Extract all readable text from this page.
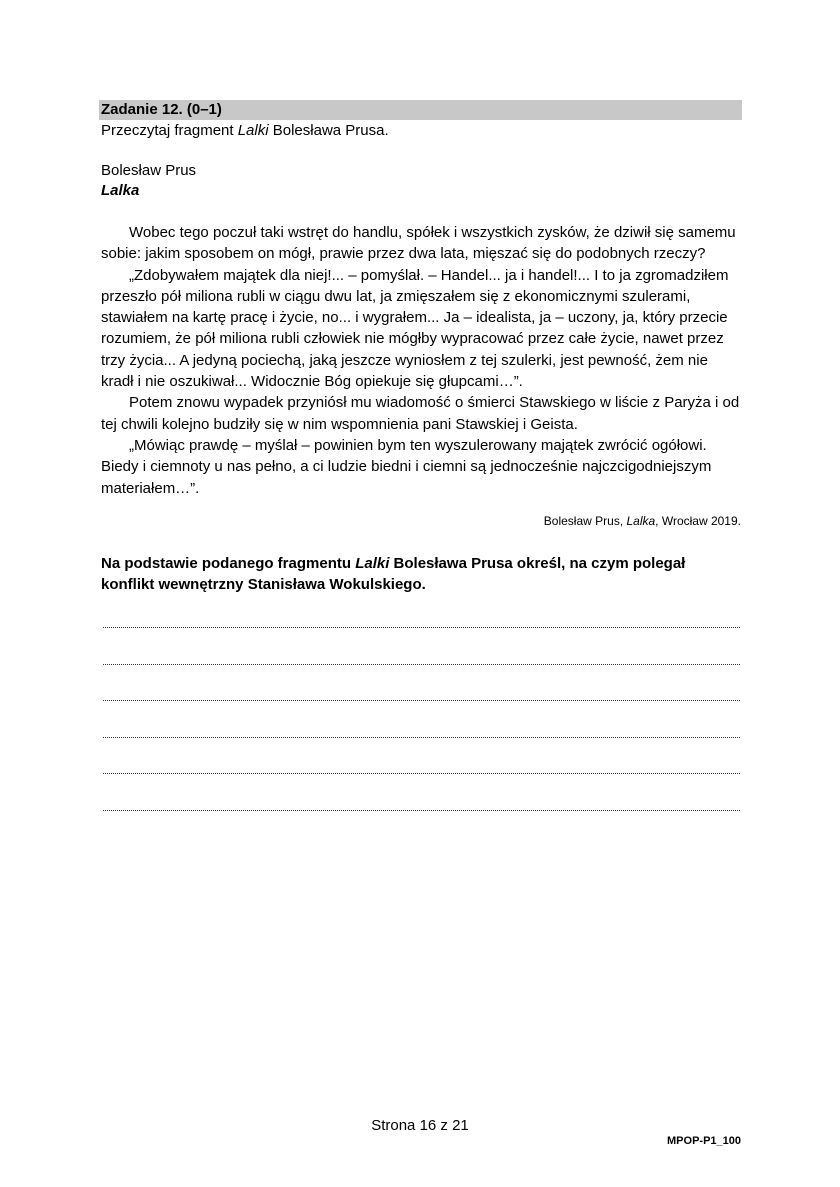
Zadanie 12. (0–1)
Przeczytaj fragment Lalki Bolesława Prusa.
Bolesław Prus
Lalka

Wobec tego poczuł taki wstręt do handlu, spółek i wszystkich zysków, że dziwił się samemu sobie: jakim sposobem on mógł, prawie przez dwa lata, mięszać się do podobnych rzeczy?

„Zdobywałem majątek dla niej!... – pomyślał. – Handel... ja i handel!... I to ja zgromadziłem przeszło pół miliona rubli w ciągu dwu lat, ja zmięszałem się z ekonomicznymi szulerami, stawiałem na kartę pracę i życie, no... i wygrałem... Ja – idealista, ja – uczony, ja, który przecie rozumiem, że pół miliona rubli człowiek nie mógłby wypracować przez całe życie, nawet przez trzy życia... A jedyną pociechą, jaką jeszcze wyniosłem z tej szulerki, jest pewność, żem nie kradł i nie oszukiwał... Widocznie Bóg opiekuje się głupcami…”.

Potem znowu wypadek przyniósł mu wiadomość o śmierci Stawskiego w liście z Paryża i od tej chwili kolejno budziły się w nim wspomnienia pani Stawskiej i Geista.

„Mówiąc prawdę – myślał – powinien bym ten wyszulerowany majątek zwrócić ogółowi. Biedy i ciemnoty u nas pełno, a ci ludzie biedni i ciemni są jednocześnie najczcigodniejszym materiałem…”.

Bolesław Prus, Lalka, Wrocław 2019.
Na podstawie podanego fragmentu Lalki Bolesława Prusa określ, na czym polegał konflikt wewnętrzny Stanisława Wokulskiego.
Strona 16 z 21
MPOP-P1_100
